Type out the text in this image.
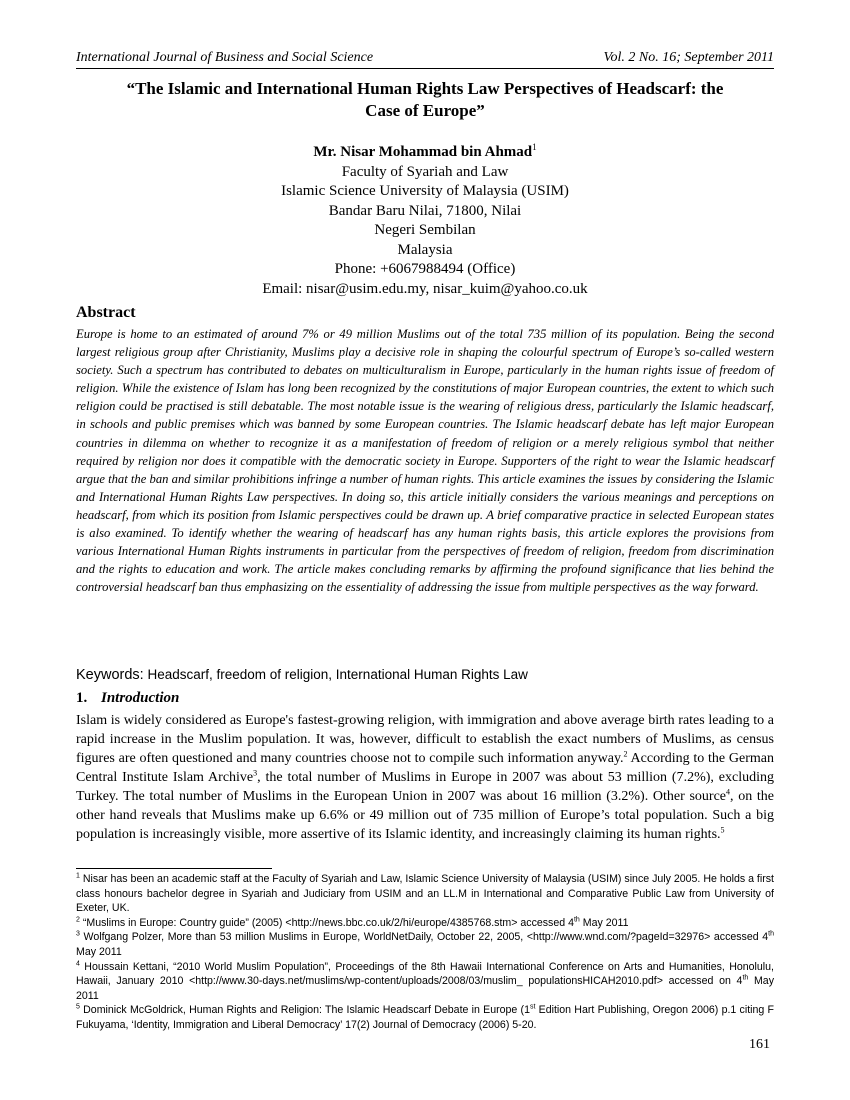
International Journal of Business and Social Science	Vol. 2 No. 16; September 2011
“The Islamic and International Human Rights Law Perspectives of Headscarf: the
Case of Europe”
Mr. Nisar Mohammad bin Ahmad$^1$
Faculty of Syariah and Law
Islamic Science University of Malaysia (USIM)
Bandar Baru Nilai, 71800, Nilai
Negeri Sembilan
Malaysia
Phone: +6067988494 (Office)
Email: nisar@usim.edu.my, nisar_kuim@yahoo.co.uk
Abstract

Europe is home to an estimated of around 7% or 49 million Muslims out of the total 735 million of its population. Being the second largest religious group after Christianity, Muslims play a decisive role in shaping the colourful spectrum of Europe’s so-called western society. Such a spectrum has contributed to debates on multiculturalism in Europe, particularly in the human rights issue of freedom of religion. While the existence of Islam has long been recognized by the constitutions of major European countries, the extent to which such religion could be practised is still debatable. The most notable issue is the wearing of religious dress, particularly the Islamic headscarf, in schools and public premises which was banned by some European countries. The Islamic headscarf debate has left major European countries in dilemma on whether to recognize it as a manifestation of freedom of religion or a merely religious symbol that neither required by religion nor does it compatible with the democratic society in Europe. Supporters of the right to wear the Islamic headscarf argue that the ban and similar prohibitions infringe a number of human rights. This article examines the issues by considering the Islamic and International Human Rights Law perspectives. In doing so, this article initially considers the various meanings and perceptions on headscarf, from which its position from Islamic perspectives could be drawn up. A brief comparative practice in selected European states is also examined. To identify whether the wearing of headscarf has any human rights basis, this article explores the provisions from various International Human Rights instruments in particular from the perspectives of freedom of religion, freedom from discrimination and the rights to education and work. The article makes concluding remarks by affirming the profound significance that lies behind the controversial headscarf ban thus emphasizing on the essentiality of addressing the issue from multiple perspectives as the way forward.

Keywords: Headscarf, freedom of religion, International Human Rights Law
1. Introduction

Islam is widely considered as Europe's fastest-growing religion, with immigration and above average birth rates leading to a rapid increase in the Muslim population. It was, however, difficult to establish the exact numbers of Muslims, as census figures are often questioned and many countries choose not to compile such information anyway.$^2$ According to the German Central Institute Islam Archive$^3$, the total number of Muslims in Europe in 2007 was about 53 million (7.2%), excluding Turkey. The total number of Muslims in the European Union in 2007 was about 16 million (3.2%). Other source$^4$, on the other hand reveals that Muslims make up 6.6% or 49 million out of 735 million of Europe’s total population. Such a big population is increasingly visible, more assertive of its Islamic identity, and increasingly claiming its human rights.$^5$

$^1$ Nisar has been an academic staff at the Faculty of Syariah and Law, Islamic Science University of Malaysia (USIM) since July 2005. He holds a first class honours bachelor degree in Syariah and Judiciary from USIM and an LL.M in International and Comparative Public Law from University of Exeter, UK.

$^2$ “Muslims in Europe: Country guide” (2005) <http://news.bbc.co.uk/2/hi/europe/4385768.stm> accessed 4th May 2011

$^3$ Wolfgang Polzer, More than 53 million Muslims in Europe, WorldNetDaily, October 22, 2005, <http://www.wnd.com/?pageId=32976> accessed 4th May 2011

$^4$ Houssain Kettani, “2010 World Muslim Population”, Proceedings of the 8th Hawaii International Conference on Arts and Humanities, Honolulu, Hawaii, January 2010 <http://www.30-days.net/muslims/wp-content/uploads/2008/03/muslim_ populationsHICAH2010.pdf> accessed on 4th May 2011

$^5$ Dominick McGoldrick, Human Rights and Religion: The Islamic Headscarf Debate in Europe (1st Edition Hart Publishing, Oregon 2006) p.1 citing F Fukuyama, ‘Identity, Immigration and Liberal Democracy’ 17(2) Journal of Democracy (2006) 5-20.

161
